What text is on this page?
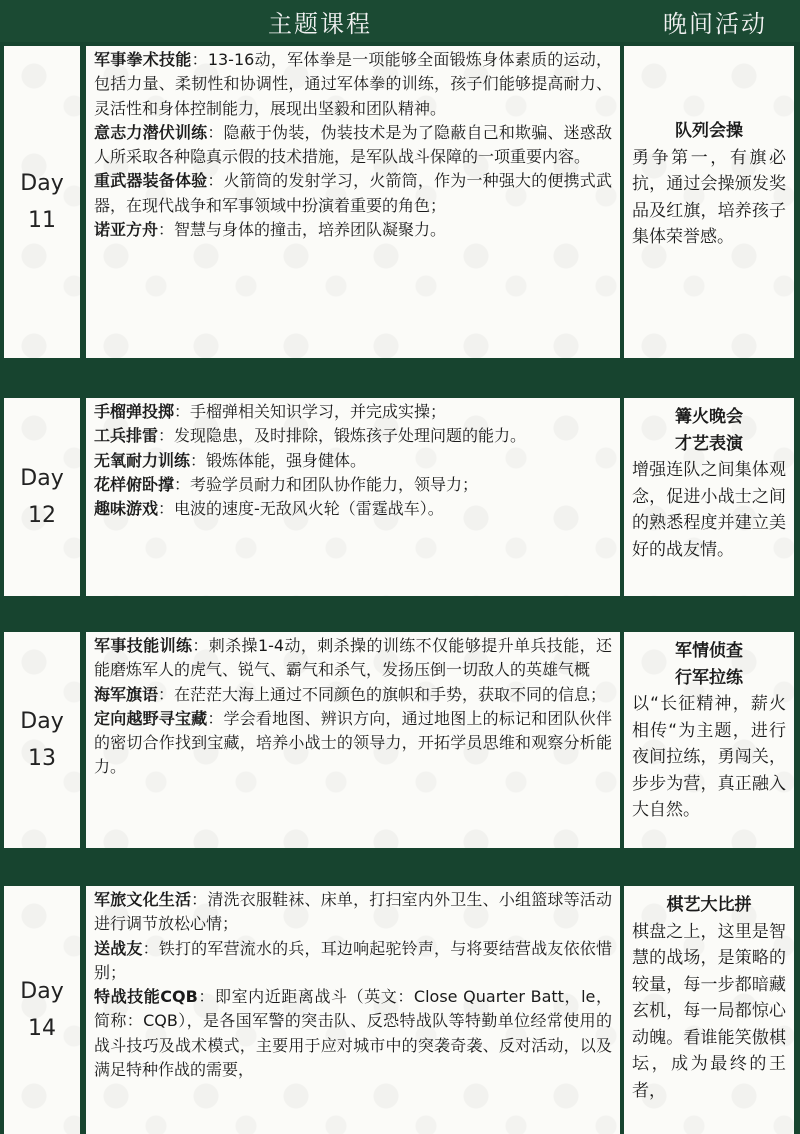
主题课程	晚间活动
Day
11

军事拳术技能：13-16动，军体拳是一项能够全面锻炼身体素质的运动，包括力量、柔韧性和协调性，通过军体拳的训练，孩子们能够提高耐力、灵活性和身体控制能力，展现出坚毅和团队精神。

意志力潜伏训练：隐蔽于伪装，伪装技术是为了隐蔽自己和欺骗、迷惑敌人所采取各种隐真示假的技术措施，是军队战斗保障的一项重要内容。

重武器装备体验：火箭筒的发射学习，火箭筒，作为一种强大的便携式武器，在现代战争和军事领域中扮演着重要的角色；

诺亚方舟：智慧与身体的撞击，培养团队凝聚力。

队列会操
勇争第一，有旗必抗，通过会操颁发奖品及红旗，培养孩子集体荣誉感。
Day
12

手榴弹投掷：手榴弹相关知识学习，并完成实操；

工兵排雷：发现隐患，及时排除，锻炼孩子处理问题的能力。

无氧耐力训练：锻炼体能，强身健体。

花样俯卧撑：考验学员耐力和团队协作能力，领导力；

趣味游戏：电波的速度-无敌风火轮（雷霆战车）。

篝火晚会
才艺表演
增强连队之间集体观念，促进小战士之间的熟悉程度并建立美好的战友情。
Day
13

军事技能训练：刺杀操1-4动，刺杀操的训练不仅能够提升单兵技能，还能磨炼军人的虎气、锐气、霸气和杀气，发扬压倒一切敌人的英雄气概

海军旗语：在茫茫大海上通过不同颜色的旗帜和手势，获取不同的信息；

定向越野寻宝藏：学会看地图、辨识方向，通过地图上的标记和团队伙伴的密切合作找到宝藏，培养小战士的领导力，开拓学员思维和观察分析能力。

军情侦查
行军拉练
以“长征精神，薪火相传“为主题，进行夜间拉练，勇闯关，步步为营，真正融入大自然。
Day
14

军旅文化生活：清洗衣服鞋袜、床单，打扫室内外卫生、小组篮球等活动进行调节放松心情；

送战友：铁打的军营流水的兵，耳边响起驼铃声，与将要结营战友依依惜别；

特战技能CQB：即室内近距离战斗（英文：Close Quarter Batt，le，简称：CQB），是各国军警的突击队、反恐特战队等特勤单位经常使用的战斗技巧及战术模式，主要用于应对城市中的突袭奇袭、反对活动，以及满足特种作战的需要，

棋艺大比拼
棋盘之上，这里是智慧的战场，是策略的较量，每一步都暗藏玄机，每一局都惊心动魄。看谁能笑傲棋坛，成为最终的王者，
